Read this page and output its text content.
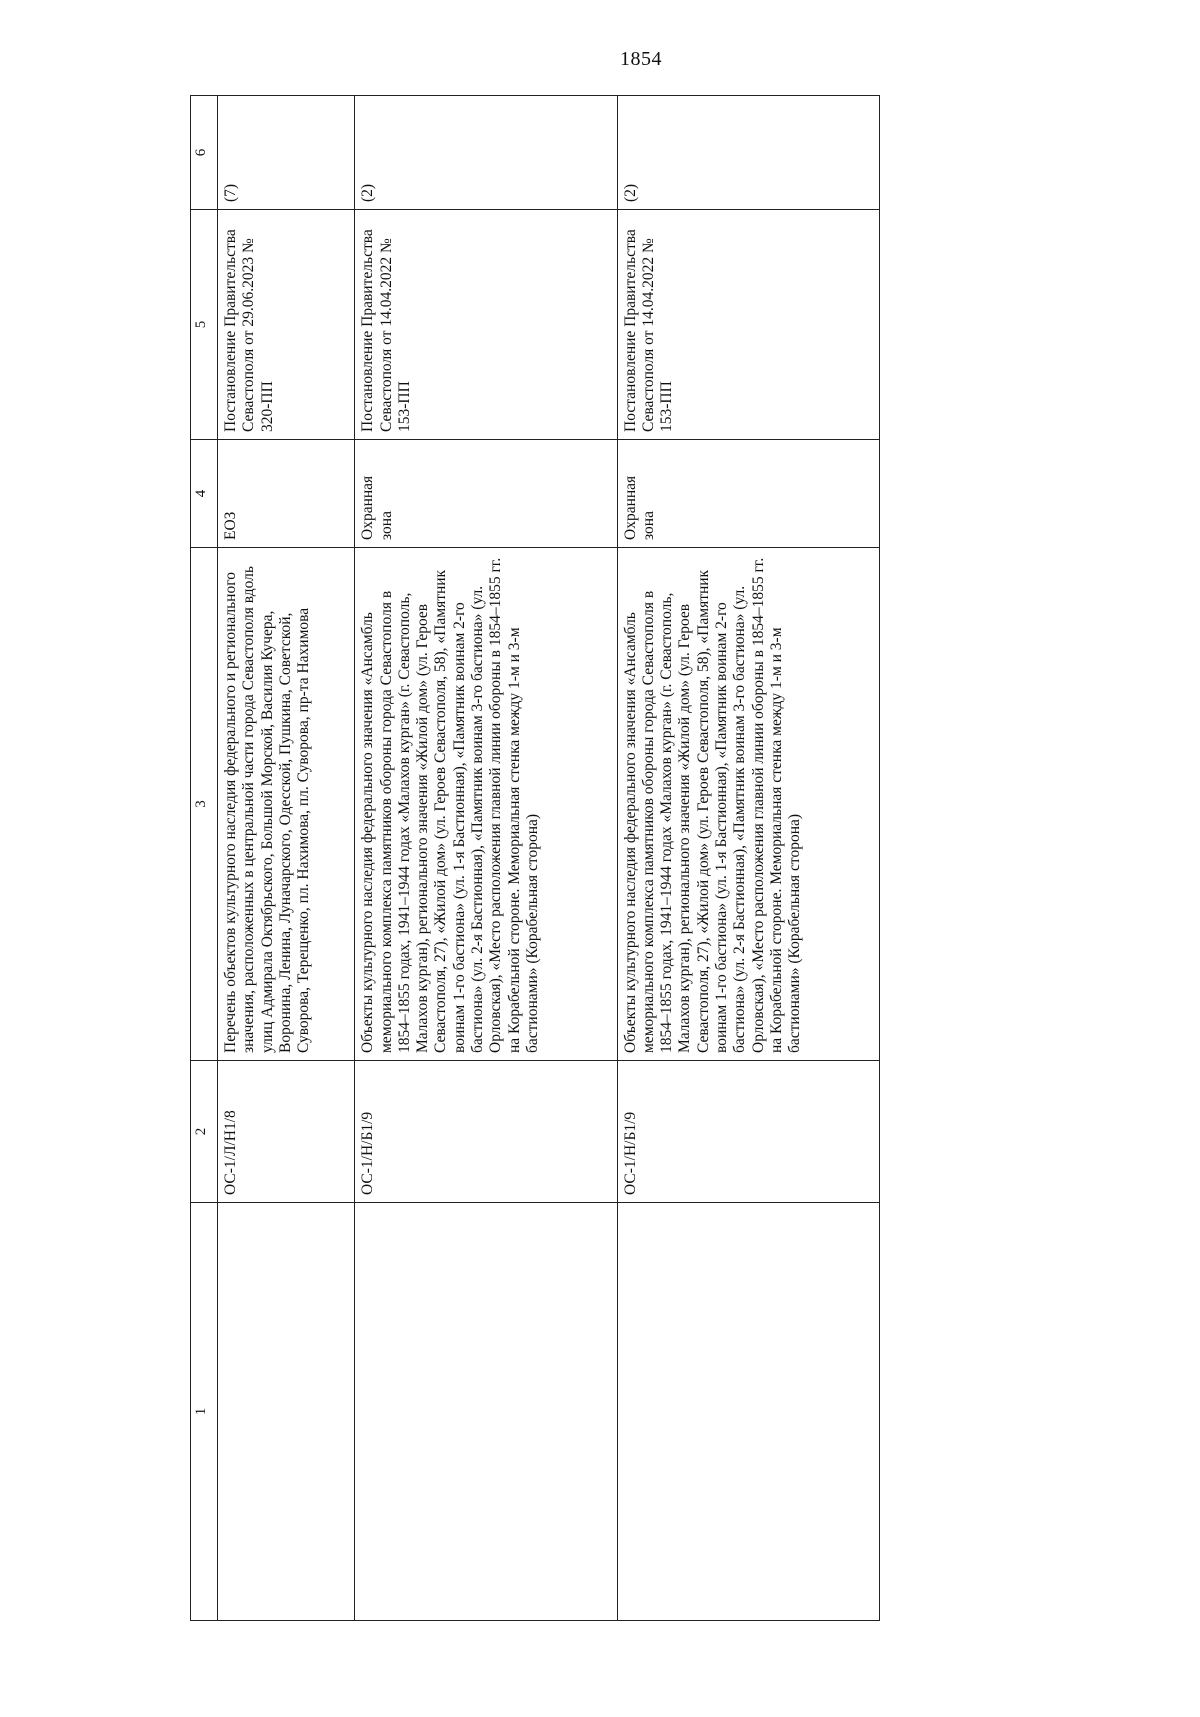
1854
1	2	3	4	5	6
	ОС-1/Л/Н1/8	Перечень объектов культурного наследия федерального и регионального значения, расположенных в центральной части города Севастополя вдоль улиц Адмирала Октябрьского, Большой Морской, Василия Кучера, Воронина, Ленина, Луначарского, Одесской, Пушкина, Советской, Суворова, Терещенко, пл. Нахимова, пл. Суворова, пр-та Нахимова	ЕОЗ	Постановление Правительства Севастополя от 29.06.2023 № 320-ПП	(7)
	ОС-1/Н/Б1/9	Объекты культурного наследия федерального значения «Ансамбль мемориального комплекса памятников обороны города Севастополя в 1854–1855 годах, 1941–1944 годах «Малахов курган» (г. Севастополь, Малахов курган), регионального значения «Жилой дом» (ул. Героев Севастополя, 27), «Жилой дом» (ул. Героев Севастополя, 58), «Памятник воинам 1-го бастиона» (ул. 1-я Бастионная), «Памятник воинам 2-го бастиона» (ул. 2-я Бастионная), «Памятник воинам 3-го бастиона» (ул. Орловская), «Место расположения главной линии обороны в 1854–1855 гг. на Корабельной стороне. Мемориальная стенка между 1-м и 3-м бастионами» (Корабельная сторона)	Охранная зона	Постановление Правительства Севастополя от 14.04.2022 № 153-ПП	(2)
	ОС-1/Н/Б1/9	Объекты культурного наследия федерального значения «Ансамбль мемориального комплекса памятников обороны города Севастополя в 1854–1855 годах, 1941–1944 годах «Малахов курган» (г. Севастополь, Малахов курган), регионального значения «Жилой дом» (ул. Героев Севастополя, 27), «Жилой дом» (ул. Героев Севастополя, 58), «Памятник воинам 1-го бастиона» (ул. 1-я Бастионная), «Памятник воинам 2-го бастиона» (ул. 2-я Бастионная), «Памятник воинам 3-го бастиона» (ул. Орловская), «Место расположения главной линии обороны в 1854–1855 гг. на Корабельной стороне. Мемориальная стенка между 1-м и 3-м бастионами» (Корабельная сторона)	Охранная зона	Постановление Правительства Севастополя от 14.04.2022 № 153-ПП	(2)
